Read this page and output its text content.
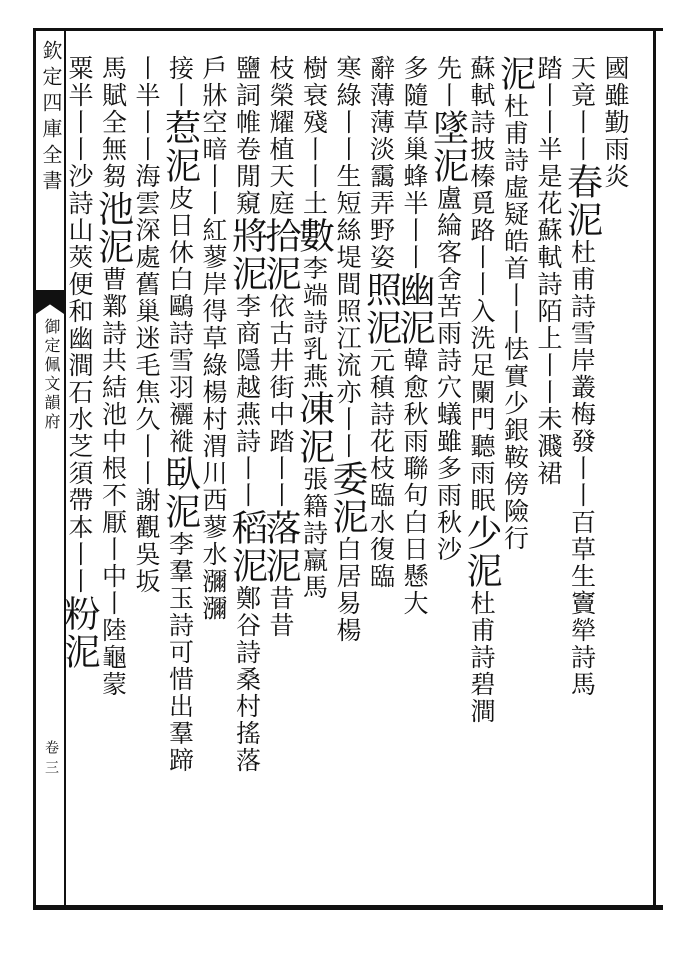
欽定四庫全書
御定佩文韻府
卷三
國雖勤雨炎
天竟丨丨春泥杜甫詩雪岸叢梅發丨丨百草生竇犖詩馬
踏丨丨半是花蘇軾詩陌上丨丨未濺裙
泥杜甫詩虛疑皓首丨丨怯實少銀鞍傍險行
蘇軾詩披榛覓路丨丨入洗足闌門聽雨眠少泥杜甫詩碧澗
先丨墜泥盧綸客舍苦雨詩穴蟻雖多雨秋沙
多隨草巢蜂半丨丨幽泥韓愈秋雨聯句白日懸大
辭薄薄淡靄弄野姿照泥元稹詩花枝臨水復臨
寒綠丨丨生短絲堤間照江流亦丨丨委泥白居易楊
樹衰殘丨丨土數李端詩乳燕凍泥張籍詩羸馬
枝榮耀植天庭拾泥依古井街中踏丨丨落泥昔昔
鹽詞帷卷閒窺將泥李商隱越燕詩丨丨稻泥鄭谷詩桑村搖落
戶牀空暗丨丨紅蓼岸得草綠楊村渭川西蓼水瀰瀰
接丨惹泥皮日休白鷗詩雪羽襹褷臥泥李羣玉詩可惜出羣蹄
丨半丨丨海雲深處舊巢迷毛焦久丨丨謝觀吳坂
馬賦全無芻池泥曹鄴詩共結池中根不厭丨中丨陸龜蒙
粟半丨丨沙詩山莢便和幽澗石水芝須帶本丨丨粉泥
